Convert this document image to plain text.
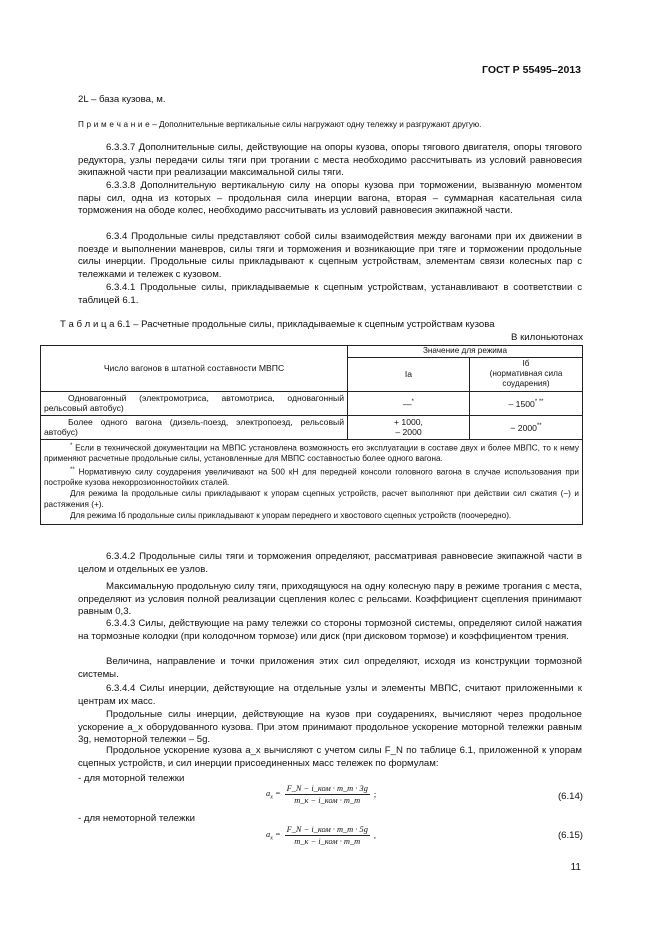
ГОСТ Р 55495–2013
2L – база кузова, м.
П р и м е ч а н и е – Дополнительные вертикальные силы нагружают одну тележку и разгружают другую.
6.3.3.7 Дополнительные силы, действующие на опоры кузова, опоры тягового двигателя, опоры тягового редуктора, узлы передачи силы тяги при трогании с места необходимо рассчитывать из условий равновесия экипажной части при реализации максимальной силы тяги.
6.3.3.8 Дополнительную вертикальную силу на опоры кузова при торможении, вызванную моментом пары сил, одна из которых – продольная сила инерции вагона, вторая – суммарная касательная сила торможения на ободе колес, необходимо рассчитывать из условий равновесия экипажной части.
6.3.4 Продольные силы представляют собой силы взаимодействия между вагонами при их движении в поезде и выполнении маневров, силы тяги и торможения и возникающие при тяге и торможении продольные силы инерции. Продольные силы прикладывают к сцепным устройствам, элементам связи колесных пар с тележками и тележек с кузовом.
6.3.4.1 Продольные силы, прикладываемые к сцепным устройствам, устанавливают в соответствии с таблицей 6.1.
Т а б л и ц а 6.1 – Расчетные продольные силы, прикладываемые к сцепным устройствам кузова
В килоньютонах
Число вагонов в штатной составности МВПС	Значение для режима	
	Iа	Iб
(нормативная сила
соударения)
Одновагонный (электромотриса, автомотриса, одновагонный рельсовый автобус)	—*	– 1500* **
Более одного вагона (дизель-поезд, электропоезд, рельсовый автобус)	+ 1000,
– 2000	− 2000**

* Если в технической документации на МВПС установлена возможность его эксплуатации в составе двух и более МВПС, то к нему применяют расчетные продольные силы, установленные для МВПС составностью более одного вагона.
** Нормативную силу соударения увеличивают на 500 кН для передней консоли головного вагона в случае использования при постройке кузова некоррозионностойких сталей.
Для режима Iа продольные силы прикладывают к упорам сцепных устройств, расчет выполняют при действии сил сжатия (−) и растяжения (+).
Для режима Iб продольные силы прикладывают к упорам переднего и хвостового сцепных устройств (поочередно).		
6.3.4.2 Продольные силы тяги и торможения определяют, рассматривая равновесие экипажной части в целом и отдельных ее узлов.
Максимальную продольную силу тяги, приходящуюся на одну колесную пару в режиме трогания с места, определяют из условия полной реализации сцепления колес с рельсами. Коэффициент сцепления принимают равным 0,3.
6.3.4.3 Силы, действующие на раму тележки со стороны тормозной системы, определяют силой нажатия на тормозные колодки (при колодочном тормозе) или диск (при дисковом тормозе) и коэффициентом трения.
Величина, направление и точки приложения этих сил определяют, исходя из конструкции тормозной системы.
6.3.4.4 Силы инерции, действующие на отдельные узлы и элементы МВПС, считают приложенными к центрам их масс.
Продольные силы инерции, действующие на кузов при соударениях, вычисляют через продольное ускорение a_x оборудованного кузова. При этом принимают продольное ускорение моторной тележки равным 3g, немоторной тележки – 5g.
Продольное ускорение кузова a_x вычисляют с учетом силы F_N по таблице 6.1, приложенной к упорам сцепных устройств, и сил инерции присоединенных масс тележек по формулам:
- для моторной тележки
$a_x$ =
F_N − i_ком · m_т · 3g
m_к − i_ком · m_т
;	(6.14)
- для немоторной тележки
$a_x$ =
F_N − i_ком · m_т · 5g
m_к − i_ком · m_т
,	(6.15)
11
